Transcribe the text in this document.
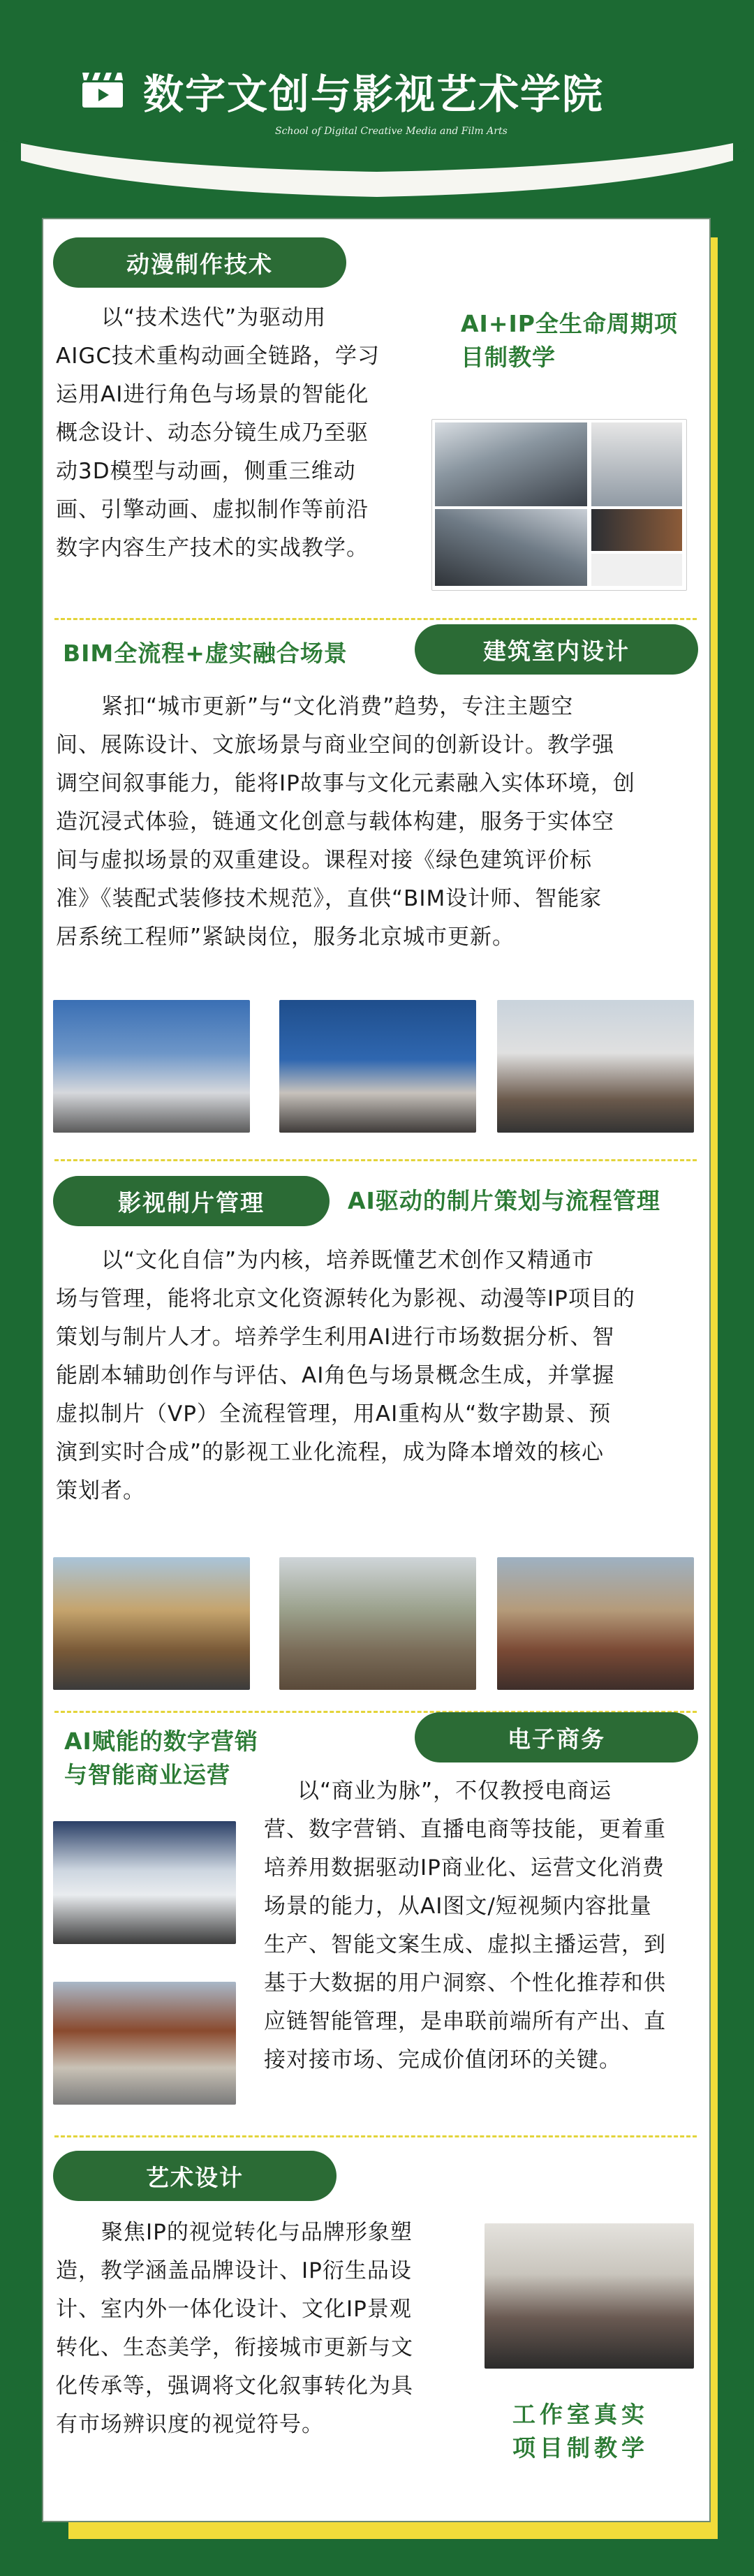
数字文创与影视艺术学院
School of Digital Creative Media and Film Arts
动漫制作技术
AI+IP全生命周期项目制教学
以“技术迭代”为驱动用
AIGC技术重构动画全链路，学习
运用AI进行角色与场景的智能化
概念设计、动态分镜生成乃至驱
动3D模型与动画，侧重三维动
画、引擎动画、虚拟制作等前沿
数字内容生产技术的实战教学。
BIM全流程+虚实融合场景	建筑室内设计
紧扣“城市更新”与“文化消费”趋势，专注主题空
间、展陈设计、文旅场景与商业空间的创新设计。教学强
调空间叙事能力，能将IP故事与文化元素融入实体环境，创
造沉浸式体验，链通文化创意与载体构建，服务于实体空
间与虚拟场景的双重建设。课程对接《绿色建筑评价标
准》《装配式装修技术规范》，直供“BIM设计师、智能家
居系统工程师”紧缺岗位，服务北京城市更新。
影视制片管理	AI驱动的制片策划与流程管理
以“文化自信”为内核，培养既懂艺术创作又精通市
场与管理，能将北京文化资源转化为影视、动漫等IP项目的
策划与制片人才。培养学生利用AI进行市场数据分析、智
能剧本辅助创作与评估、AI角色与场景概念生成，并掌握
虚拟制片（VP）全流程管理，用AI重构从“数字勘景、预
演到实时合成”的影视工业化流程，成为降本增效的核心
策划者。
AI赋能的数字营销
与智能商业运营
电子商务
以“商业为脉”，不仅教授电商运
营、数字营销、直播电商等技能，更着重
培养用数据驱动IP商业化、运营文化消费
场景的能力，从AI图文/短视频内容批量
生产、智能文案生成、虚拟主播运营，到
基于大数据的用户洞察、个性化推荐和供
应链智能管理，是串联前端所有产出、直
接对接市场、完成价值闭环的关键。
艺术设计
聚焦IP的视觉转化与品牌形象塑
造，教学涵盖品牌设计、IP衍生品设
计、室内外一体化设计、文化IP景观
转化、生态美学，衔接城市更新与文
化传承等，强调将文化叙事转化为具
有市场辨识度的视觉符号。	工作室真实
项目制教学
